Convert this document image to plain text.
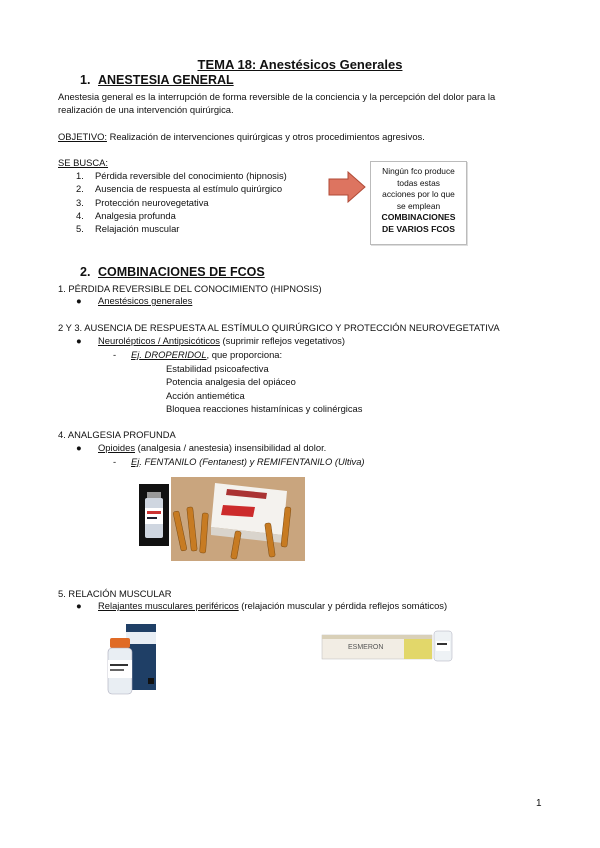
TEMA 18: Anestésicos Generales
1. ANESTESIA GENERAL
Anestesia general es la interrupción de forma reversible de la conciencia y la percepción del dolor para la
realización de una intervención quirúrgica.
OBJETIVO: Realización de intervenciones quirúrgicas y otros procedimientos agresivos.
SE BUSCA:
1. Pérdida reversible del conocimiento (hipnosis)
2. Ausencia de respuesta al estímulo quirúrgico
3. Protección neurovegetativa
4. Analgesia profunda
5. Relajación muscular
Ningún fco produce
todas estas
acciones por lo que
se emplean
COMBINACIONES
DE VARIOS FCOS
2. COMBINACIONES DE FCOS
1. PÉRDIDA REVERSIBLE DEL CONOCIMIENTO (HIPNOSIS)
● Anestésicos generales
2 Y 3. AUSENCIA DE RESPUESTA AL ESTÍMULO QUIRÚRGICO Y PROTECCIÓN NEUROVEGETATIVA
● Neurolépticos / Antipsicóticos (suprimir reflejos vegetativos)
- Ej. DROPERIDOL, que proporciona:
Estabilidad psicoafectiva
Potencia analgesia del opiáceo
Acción antiemética
Bloquea reacciones histamínicas y colinérgicas
4. ANALGESIA PROFUNDA
● Opioides (analgesia / anestesia) insensibilidad al dolor.
- Ej. FENTANILO (Fentanest) y REMIFENTANILO (Ultiva)
5. RELACIÓN MUSCULAR
● Relajantes musculares periféricos (relajación muscular y pérdida reflejos somáticos)
ESMERON
1
